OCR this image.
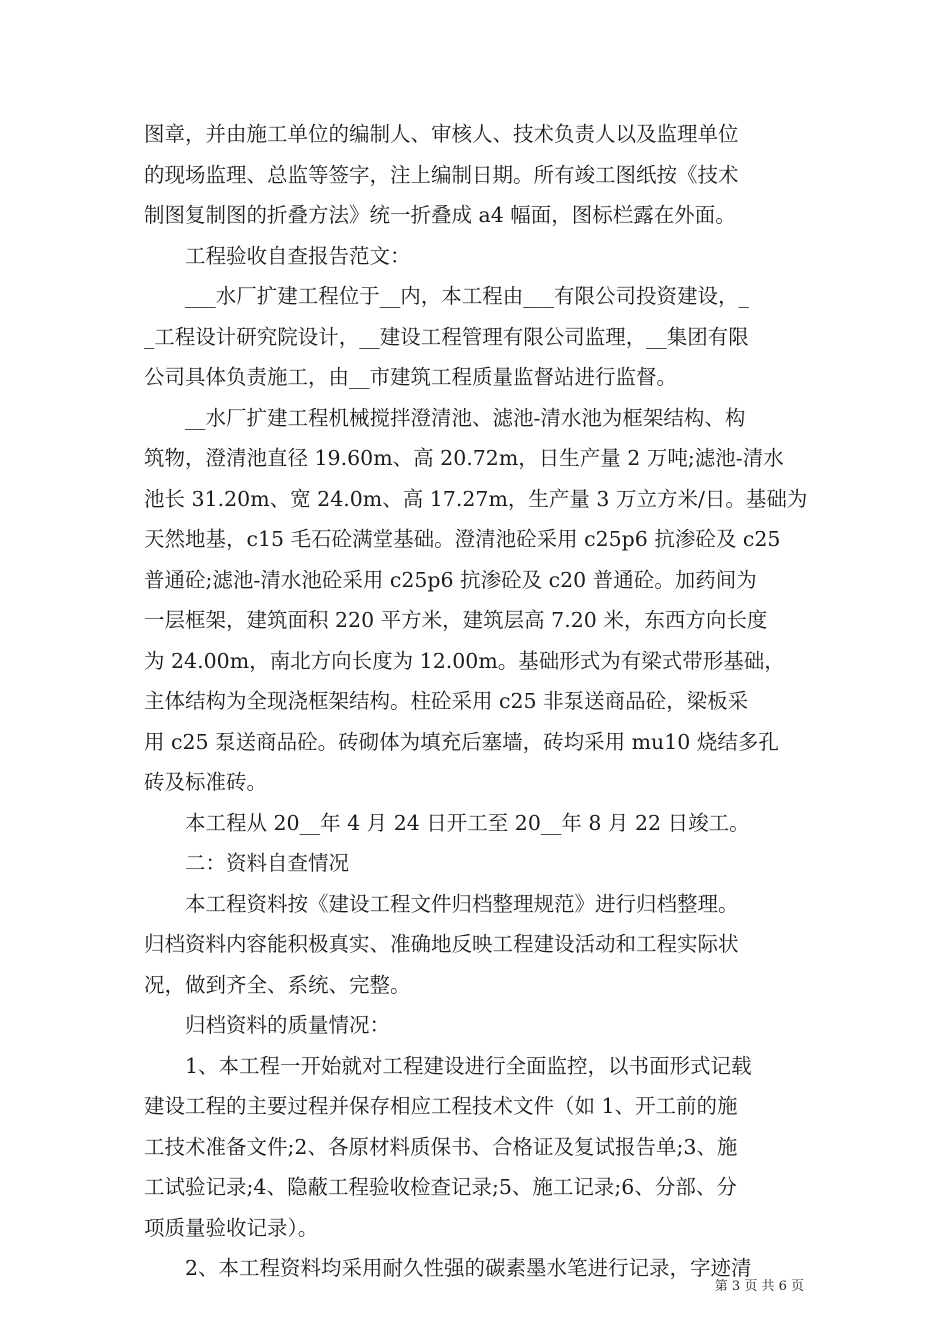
图章，并由施工单位的编制人、审核人、技术负责人以及监理单位
的现场监理、总监等签字，注上编制日期。所有竣工图纸按《技术
制图复制图的折叠方法》统一折叠成 a4 幅面，图标栏露在外面。
　　工程验收自查报告范文：
　　___水厂扩建工程位于__内，本工程由___有限公司投资建设，_
_工程设计研究院设计，__建设工程管理有限公司监理，__集团有限
公司具体负责施工，由__市建筑工程质量监督站进行监督。
　　__水厂扩建工程机械搅拌澄清池、滤池-清水池为框架结构、构
筑物，澄清池直径 19.60m、高 20.72m，日生产量 2 万吨;滤池-清水
池长 31.20m、宽 24.0m、高 17.27m，生产量 3 万立方米/日。基础为
天然地基，c15 毛石砼满堂基础。澄清池砼采用 c25p6 抗渗砼及 c25
普通砼;滤池-清水池砼采用 c25p6 抗渗砼及 c20 普通砼。加药间为
一层框架，建筑面积 220 平方米，建筑层高 7.20 米，东西方向长度
为 24.00m，南北方向长度为 12.00m。基础形式为有梁式带形基础，
主体结构为全现浇框架结构。柱砼采用 c25 非泵送商品砼，梁板采
用 c25 泵送商品砼。砖砌体为填充后塞墙，砖均采用 mu10 烧结多孔
砖及标准砖。
　　本工程从 20__年 4 月 24 日开工至 20__年 8 月 22 日竣工。
　　二：资料自查情况
　　本工程资料按《建设工程文件归档整理规范》进行归档整理。
归档资料内容能积极真实、准确地反映工程建设活动和工程实际状
况，做到齐全、系统、完整。
　　归档资料的质量情况：
　　1、本工程一开始就对工程建设进行全面监控，以书面形式记载
建设工程的主要过程并保存相应工程技术文件（如 1、开工前的施
工技术准备文件;2、各原材料质保书、合格证及复试报告单;3、施
工试验记录;4、隐蔽工程验收检查记录;5、施工记录;6、分部、分
项质量验收记录）。
　　2、本工程资料均采用耐久性强的碳素墨水笔进行记录，字迹清
第 3 页 共 6 页
